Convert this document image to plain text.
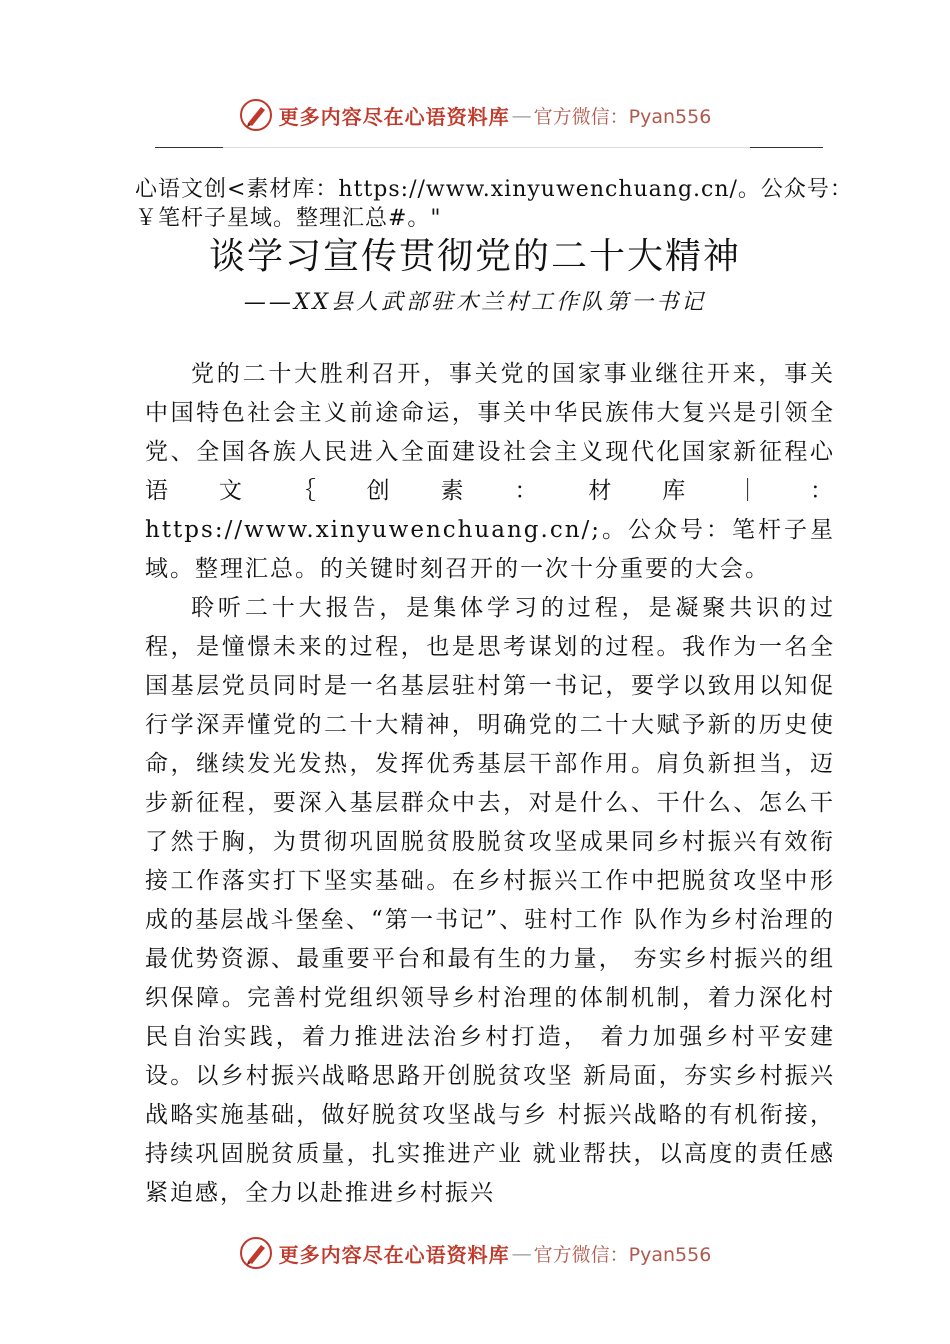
更多内容尽在心语资料库 — 官方微信：Pyan556
心语文创<素材库：https://www.xinyuwenchuang.cn/。公众号：
￥笔杆子星域。整理汇总#。"
谈学习宣传贯彻党的二十大精神
——XX县人武部驻木兰村工作队第一书记

党的二十大胜利召开，事关党的国家事业继往开来，事关中国特色社会主义前途命运，事关中华民族伟大复兴是引领全党、全国各族人民进入全面建设社会主义现代化国家新征程心语文｛创素：材库｜：https://www.xinyuwenchuang.cn/;。公众号：笔杆子星域。整理汇总。的关键时刻召开的一次十分重要的大会。

聆听二十大报告，是集体学习的过程，是凝聚共识的过程，是憧憬未来的过程，也是思考谋划的过程。我作为一名全国基层党员同时是一名基层驻村第一书记，要学以致用以知促行学深弄懂党的二十大精神，明确党的二十大赋予新的历史使命，继续发光发热，发挥优秀基层干部作用。肩负新担当，迈步新征程，要深入基层群众中去，对是什么、干什么、怎么干了然于胸，为贯彻巩固脱贫股脱贫攻坚成果同乡村振兴有效衔接工作落实打下坚实基础。在乡村振兴工作中把脱贫攻坚中形成的基层战斗堡垒、“第一书记”、驻村工作 队作为乡村治理的最优势资源、最重要平台和最有生的力量， 夯实乡村振兴的组织保障。完善村党组织领导乡村治理的体制机制，着力深化村民自治实践，着力推进法治乡村打造， 着力加强乡村平安建设。以乡村振兴战略思路开创脱贫攻坚 新局面，夯实乡村振兴战略实施基础，做好脱贫攻坚战与乡 村振兴战略的有机衔接，持续巩固脱贫质量，扎实推进产业 就业帮扶，以高度的责任感紧迫感，全力以赴推进乡村振兴

更多内容尽在心语资料库 — 官方微信：Pyan556
